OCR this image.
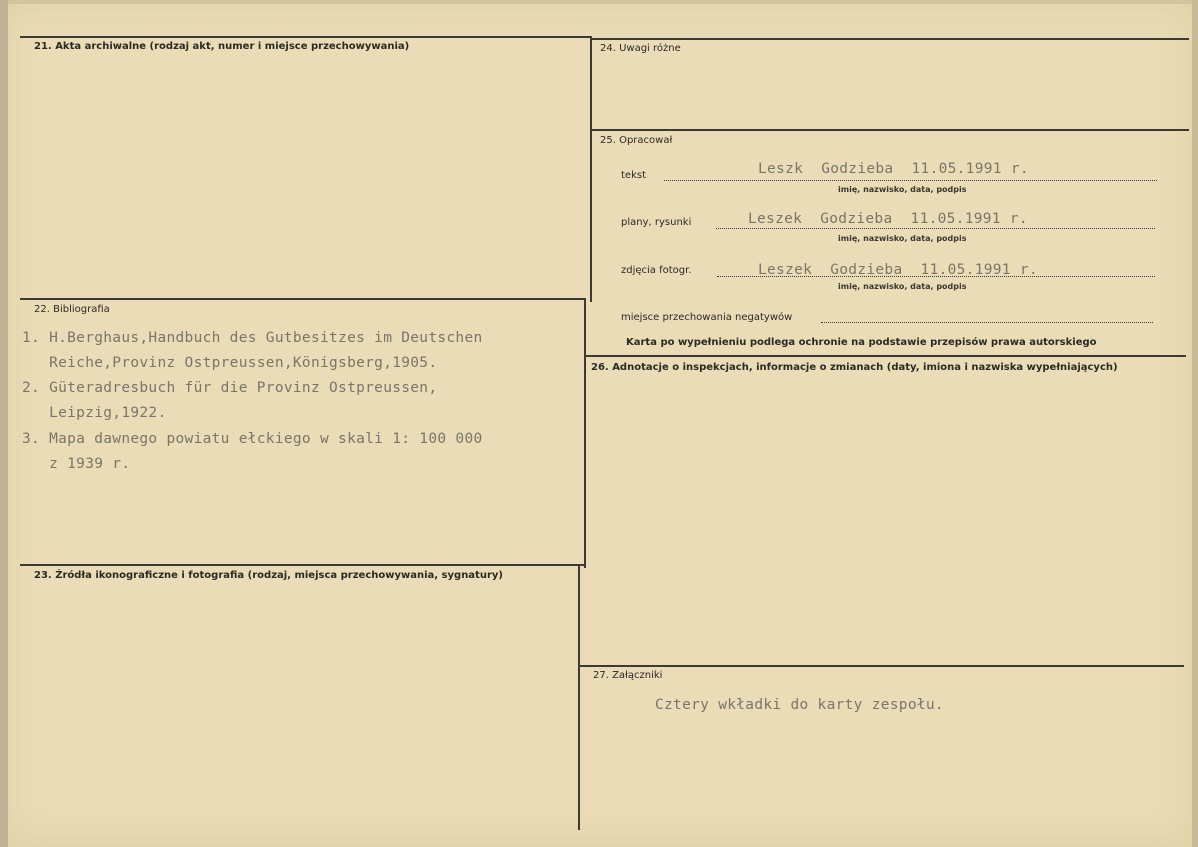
21. Akta archiwalne (rodzaj akt, numer i miejsce przechowywania)
22. Bibliografia
1. H.Berghaus,Handbuch des Gutbesitzes im Deutschen
Reiche,Provinz Ostpreussen,Königsberg,1905.
2. Güteradresbuch für die Provinz Ostpreussen,
Leipzig,1922.
3. Mapa dawnego powiatu ełckiego w skali 1: 100 000
z 1939 r.
23. Źródła ikonograficzne i fotografia (rodzaj, miejsca przechowywania, sygnatury)
24. Uwagi różne
25. Opracował
tekst	Leszk  Godzieba  11.05.1991 r.
imię, nazwisko, data, podpis
plany, rysunki	Leszek  Godzieba  11.05.1991 r.
imię, nazwisko, data, podpis
zdjęcia fotogr.	Leszek  Godzieba  11.05.1991 r.
imię, nazwisko, data, podpis
miejsce przechowania negatywów
Karta po wypełnieniu podlega ochronie na podstawie przepisów prawa autorskiego
26. Adnotacje o inspekcjach, informacje o zmianach (daty, imiona i nazwiska wypełniających)
27. Załączniki
Cztery wkładki do karty zespołu.
